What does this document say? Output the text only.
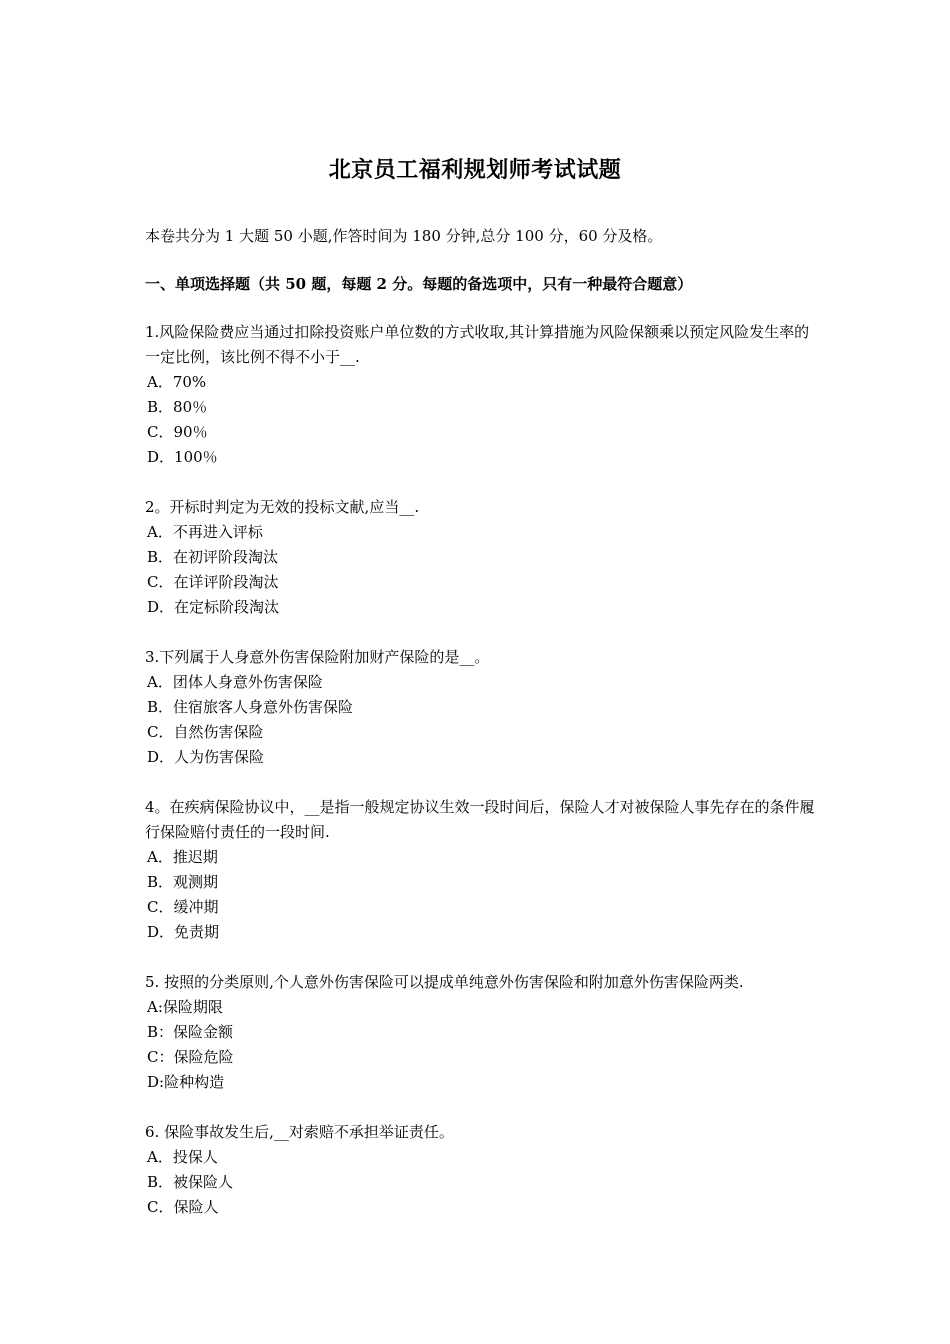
北京员工福利规划师考试试题

本卷共分为 1 大题 50 小题,作答时间为 180 分钟,总分 100 分，60 分及格。

一、单项选择题（共 50 题，每题 2 分。每题的备选项中，只有一种最符合题意）

1.风险保险费应当通过扣除投资账户单位数的方式收取,其计算措施为风险保额乘以预定风险发生率的一定比例，该比例不得不小于__.

A．70%

B．80％

C．90％

D．100％

2。开标时判定为无效的投标文献,应当__.

A．不再进入评标

B．在初评阶段淘汰

C．在详评阶段淘汰

D．在定标阶段淘汰

3.下列属于人身意外伤害保险附加财产保险的是__。

A．团体人身意外伤害保险

B．住宿旅客人身意外伤害保险

C．自然伤害保险

D．人为伤害保险

4。在疾病保险协议中，__是指一般规定协议生效一段时间后，保险人才对被保险人事先存在的条件履行保险赔付责任的一段时间.

A．推迟期

B．观测期

C．缓冲期

D．免责期

5. 按照的分类原则,个人意外伤害保险可以提成单纯意外伤害保险和附加意外伤害保险两类.

A:保险期限

B：保险金额

C：保险危险

D:险种构造

6. 保险事故发生后,__对索赔不承担举证责任。

A．投保人

B．被保险人

C．保险人
